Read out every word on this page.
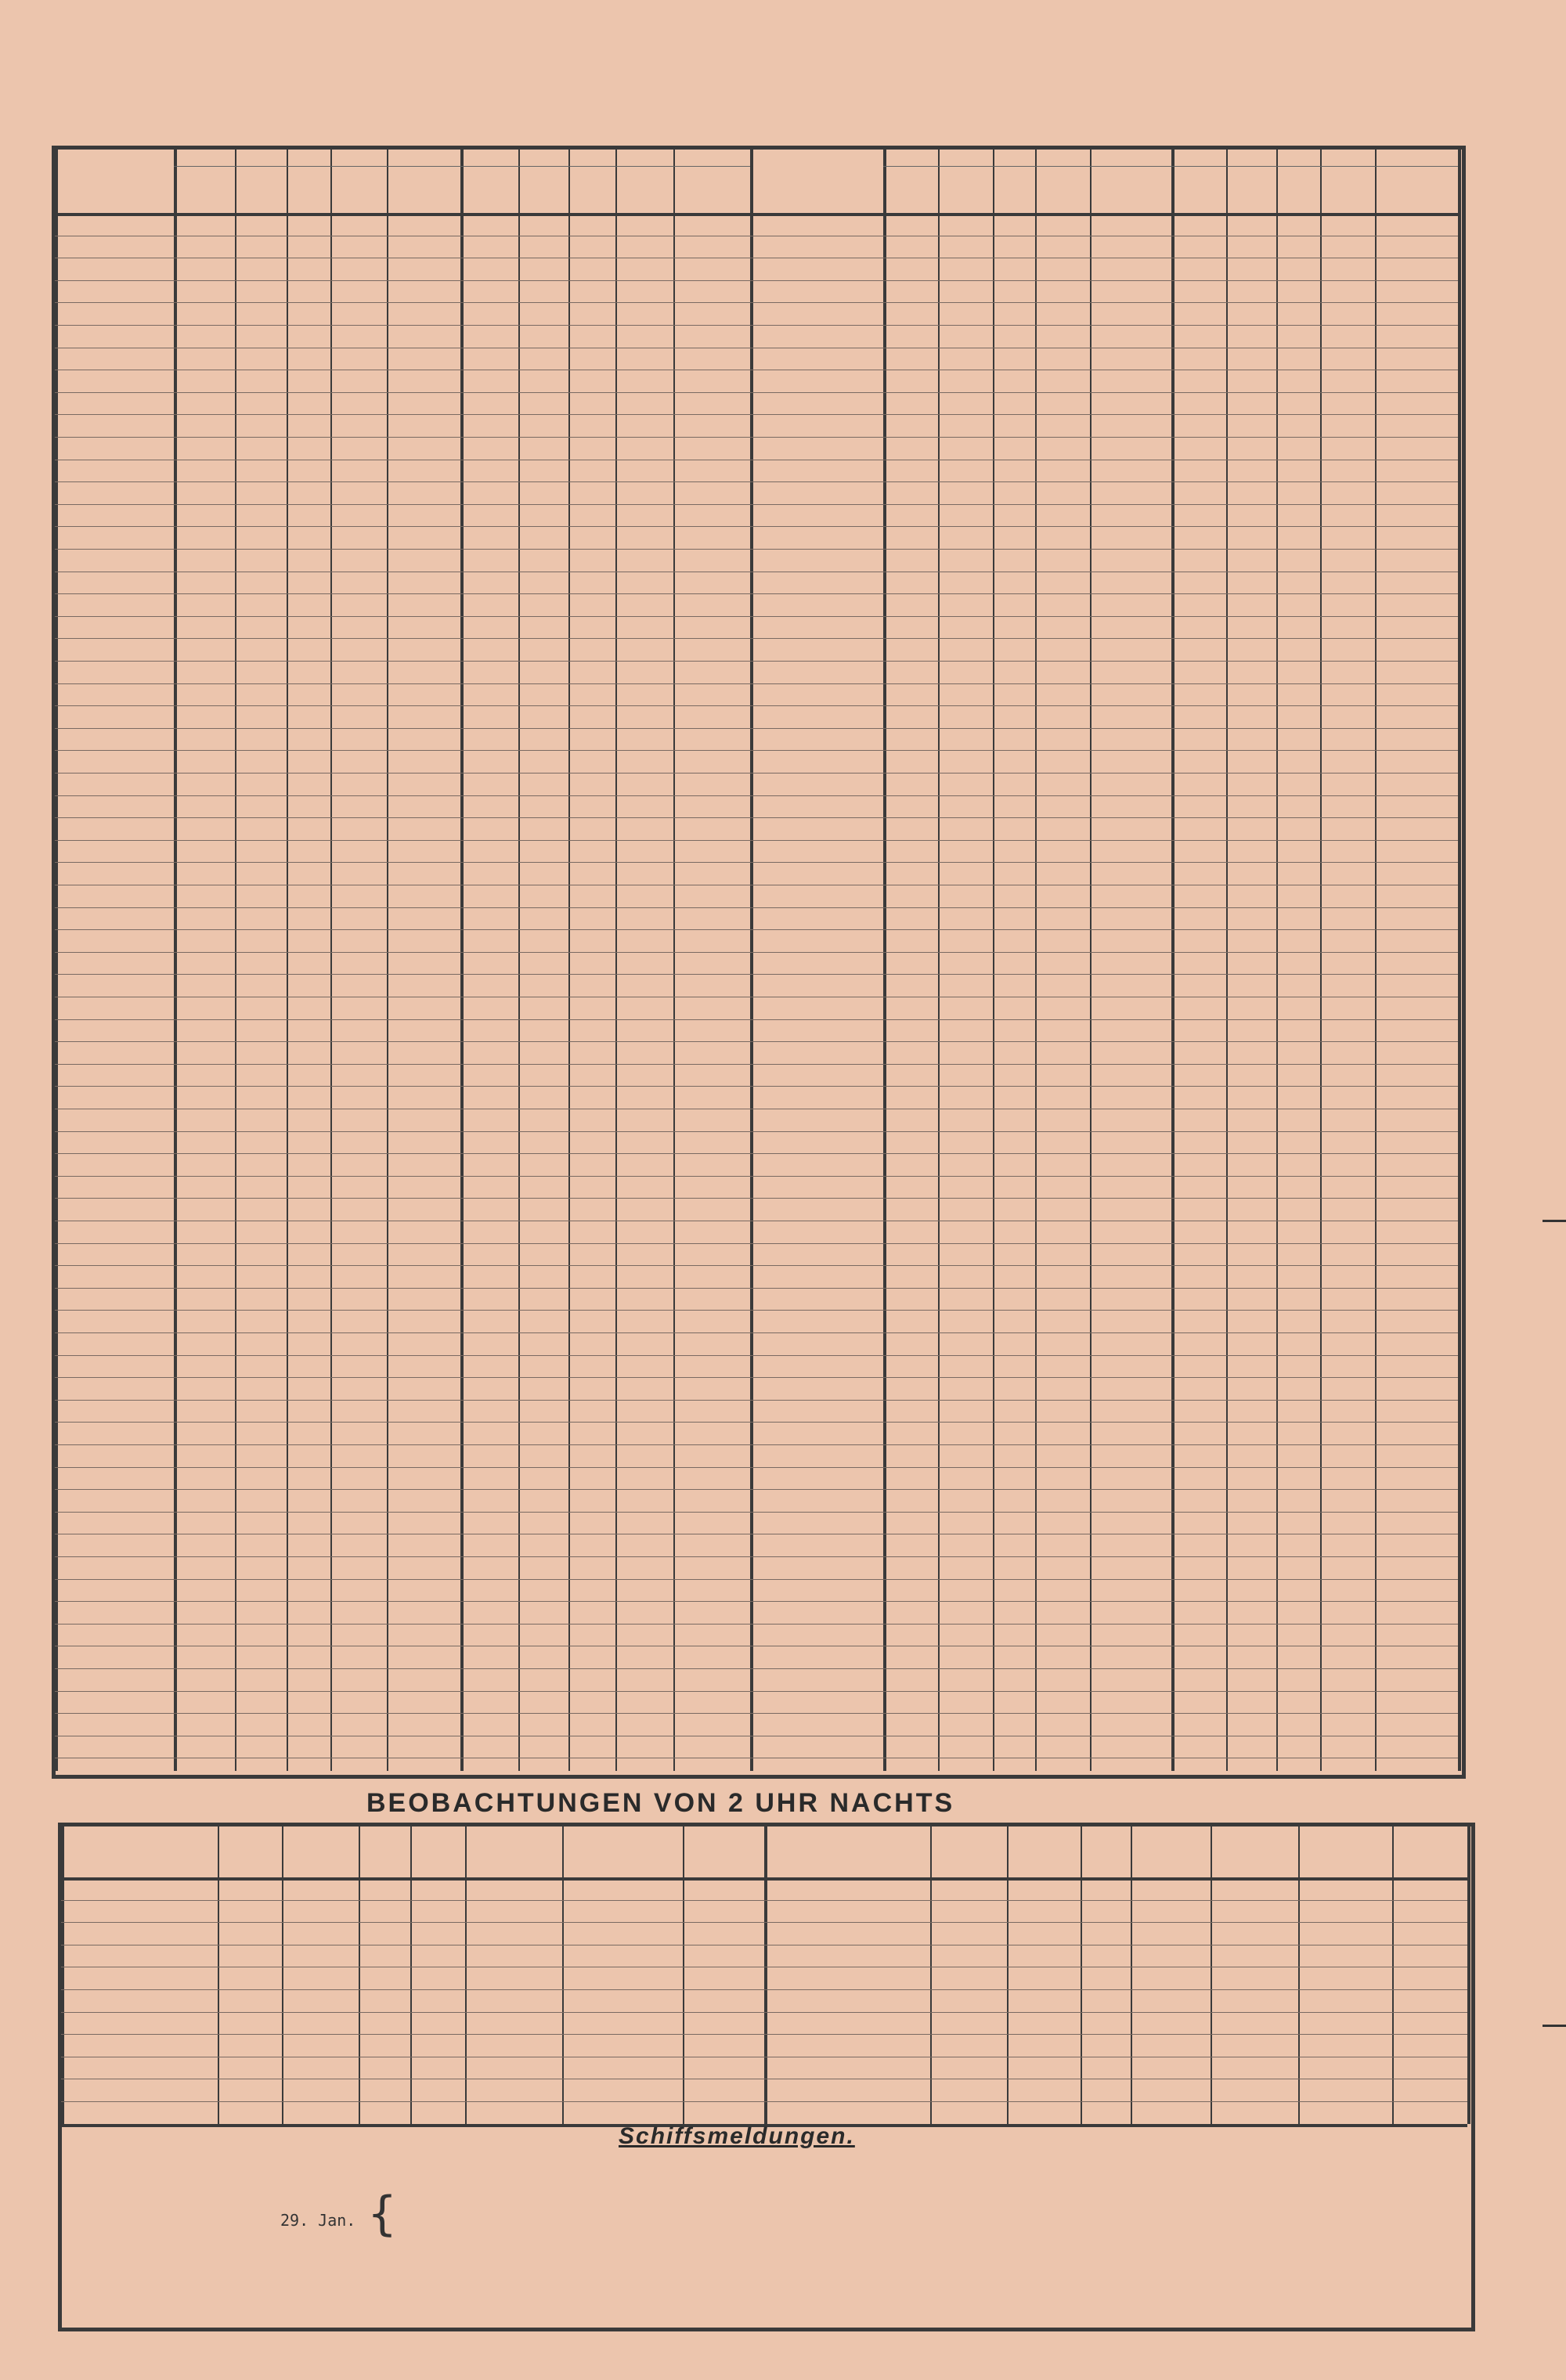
BEOBACHTUNGEN VON 2 UHR NACHTS
Schiffsmeldungen.
29. Jan. {
